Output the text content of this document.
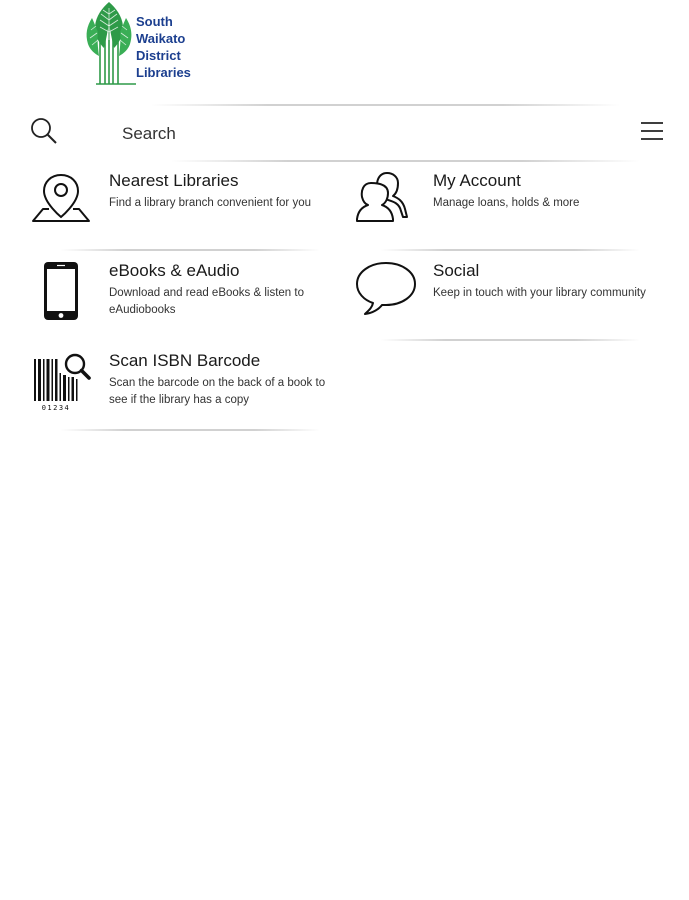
South
Waikato
District
Libraries
Search
Nearest Libraries
Find a library branch convenient for you
My Account
Manage loans, holds & more
eBooks & eAudio
Download and read eBooks & listen to eAudiobooks
Social
Keep in touch with your library community
01234
Scan ISBN Barcode
Scan the barcode on the back of a book to see if the library has a copy
